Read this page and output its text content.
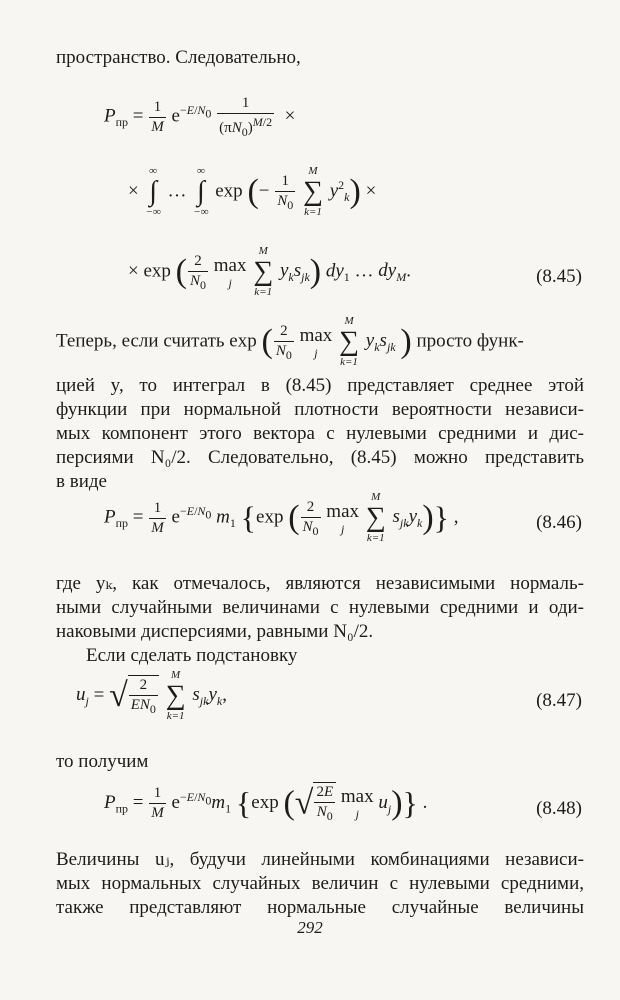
пространство. Следовательно,
$P_{пр} = \frac{1}{M} e^{-E/N_0} \frac{1}{(\pi N_0)^{M/2}}$ ×
×
∞
∫
−∞
…
∞
∫
−∞
exp (− $\frac{1}{N_0}$

M
∑
k=1
$y^2_k$) ×
× exp ( $\frac{2}{N_0}$ max
j

M
∑
k=1
$y_ks_{jk}$) $dy_1$ … $dy_M$.	(8.45)
Теперь, если считать exp ( $\frac{2}{N_0}$ max
j

M
∑
k=1
$y_ks_{jk}$ ) просто функ-
цией y, то интеграл в (8.45) представляет среднее этой
функции при нормальной плотности вероятности независи-
мых компонент этого вектора с нулевыми средними и дис-
персиями N₀/2. Следовательно, (8.45) можно представить
в виде
$P_{пр} = \frac{1}{M} e^{-E/N_0}$ $m_1$ {exp ( $\frac{2}{N_0}$ max
j

M
∑
k=1
$s_{jk}y_k$)} ,	(8.46)
где yₖ, как отмечалось, являются независимыми нормаль-
ными случайными величинами с нулевыми средними и оди-
наковыми дисперсиями, равными N₀/2.
Если сделать подстановку
$u_j$ = √ $\frac{2}{EN_0}$

M
∑
k=1
$s_{jk}y_k$,	(8.47)
то получим
$P_{пр} = \frac{1}{M} e^{-E/N_0}m_1$ {exp (√ $\frac{2E}{N_0}$ max
j
$u_j$)} .	(8.48)
Величины uⱼ, будучи линейными комбинациями независи-
мых нормальных случайных величин с нулевыми средними,
также представляют нормальные случайные величины
292
